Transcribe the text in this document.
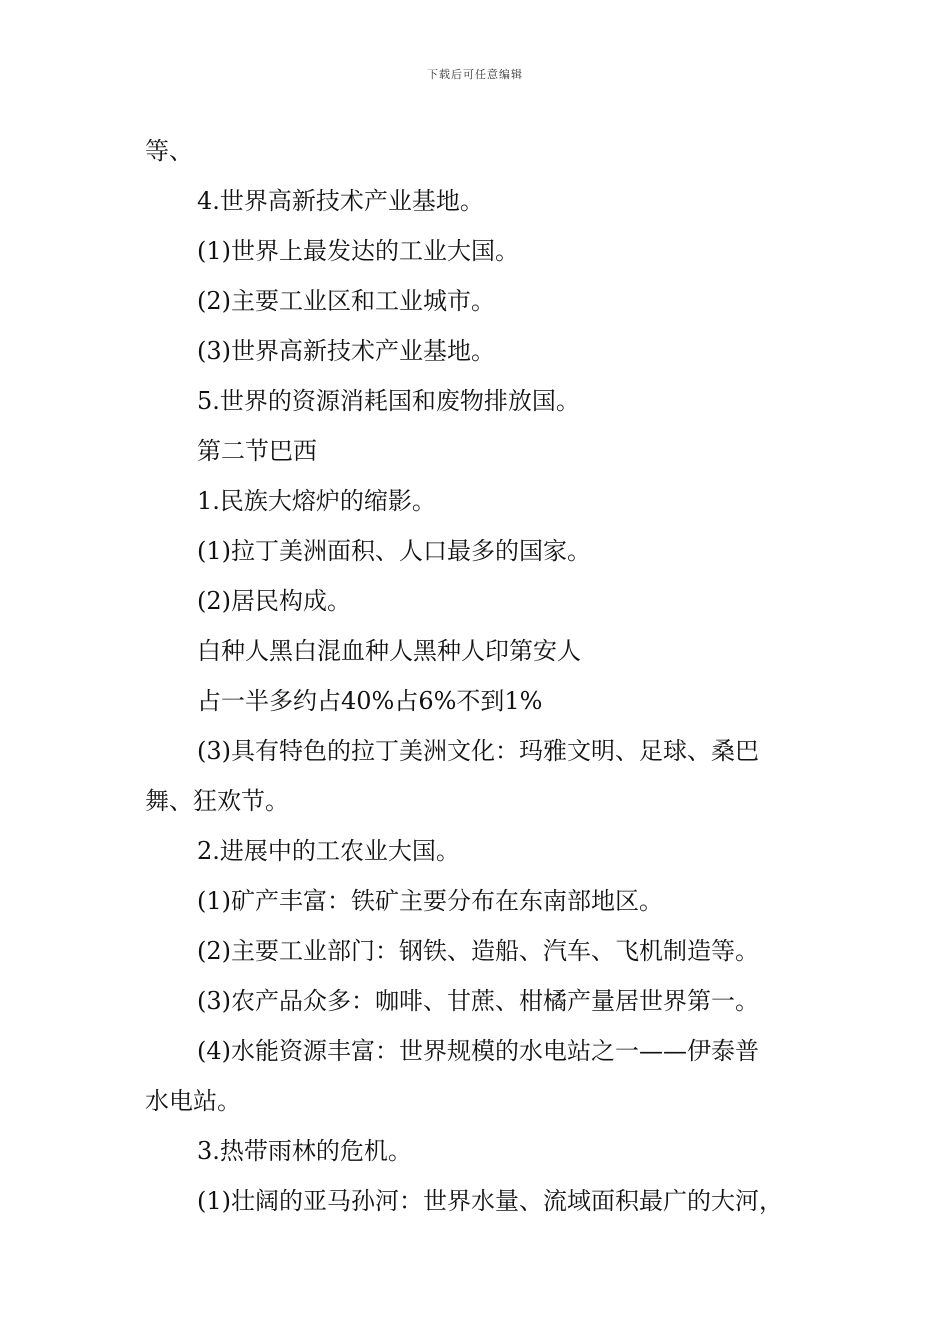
下载后可任意编辑
等、
4.世界高新技术产业基地。
(1)世界上最发达的工业大国。
(2)主要工业区和工业城市。
(3)世界高新技术产业基地。
5.世界的资源消耗国和废物排放国。
第二节巴西
1.民族大熔炉的缩影。
(1)拉丁美洲面积、人口最多的国家。
(2)居民构成。
白种人黑白混血种人黑种人印第安人
占一半多约占40%占6%不到1%
(3)具有特色的拉丁美洲文化：玛雅文明、足球、桑巴
舞、狂欢节。
2.进展中的工农业大国。
(1)矿产丰富：铁矿主要分布在东南部地区。
(2)主要工业部门：钢铁、造船、汽车、飞机制造等。
(3)农产品众多：咖啡、甘蔗、柑橘产量居世界第一。
(4)水能资源丰富：世界规模的水电站之一——伊泰普
水电站。
3.热带雨林的危机。
(1)壮阔的亚马孙河：世界水量、流域面积最广的大河，
